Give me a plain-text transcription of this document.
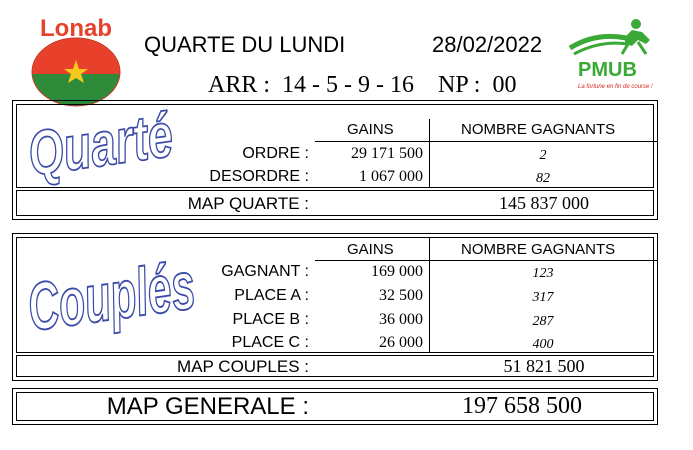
Lonab
QUARTE DU LUNDI	28/02/2022
ARR : 14 - 5 - 9 - 16 NP : 00
PMUB
La fortune en fin de course !
Quarté	GAINS	NOMBRE GAGNANTS
ORDRE :	29 171 500	2
DESORDRE :	1 067 000	82
MAP QUARTE :	145 837 000
Couplés	GAINS	NOMBRE GAGNANTS
GAGNANT :	169 000	123
PLACE A :	32 500	317
PLACE B :	36 000	287
PLACE C :	26 000	400
MAP COUPLES :	51 821 500
MAP GENERALE :	197 658 500
